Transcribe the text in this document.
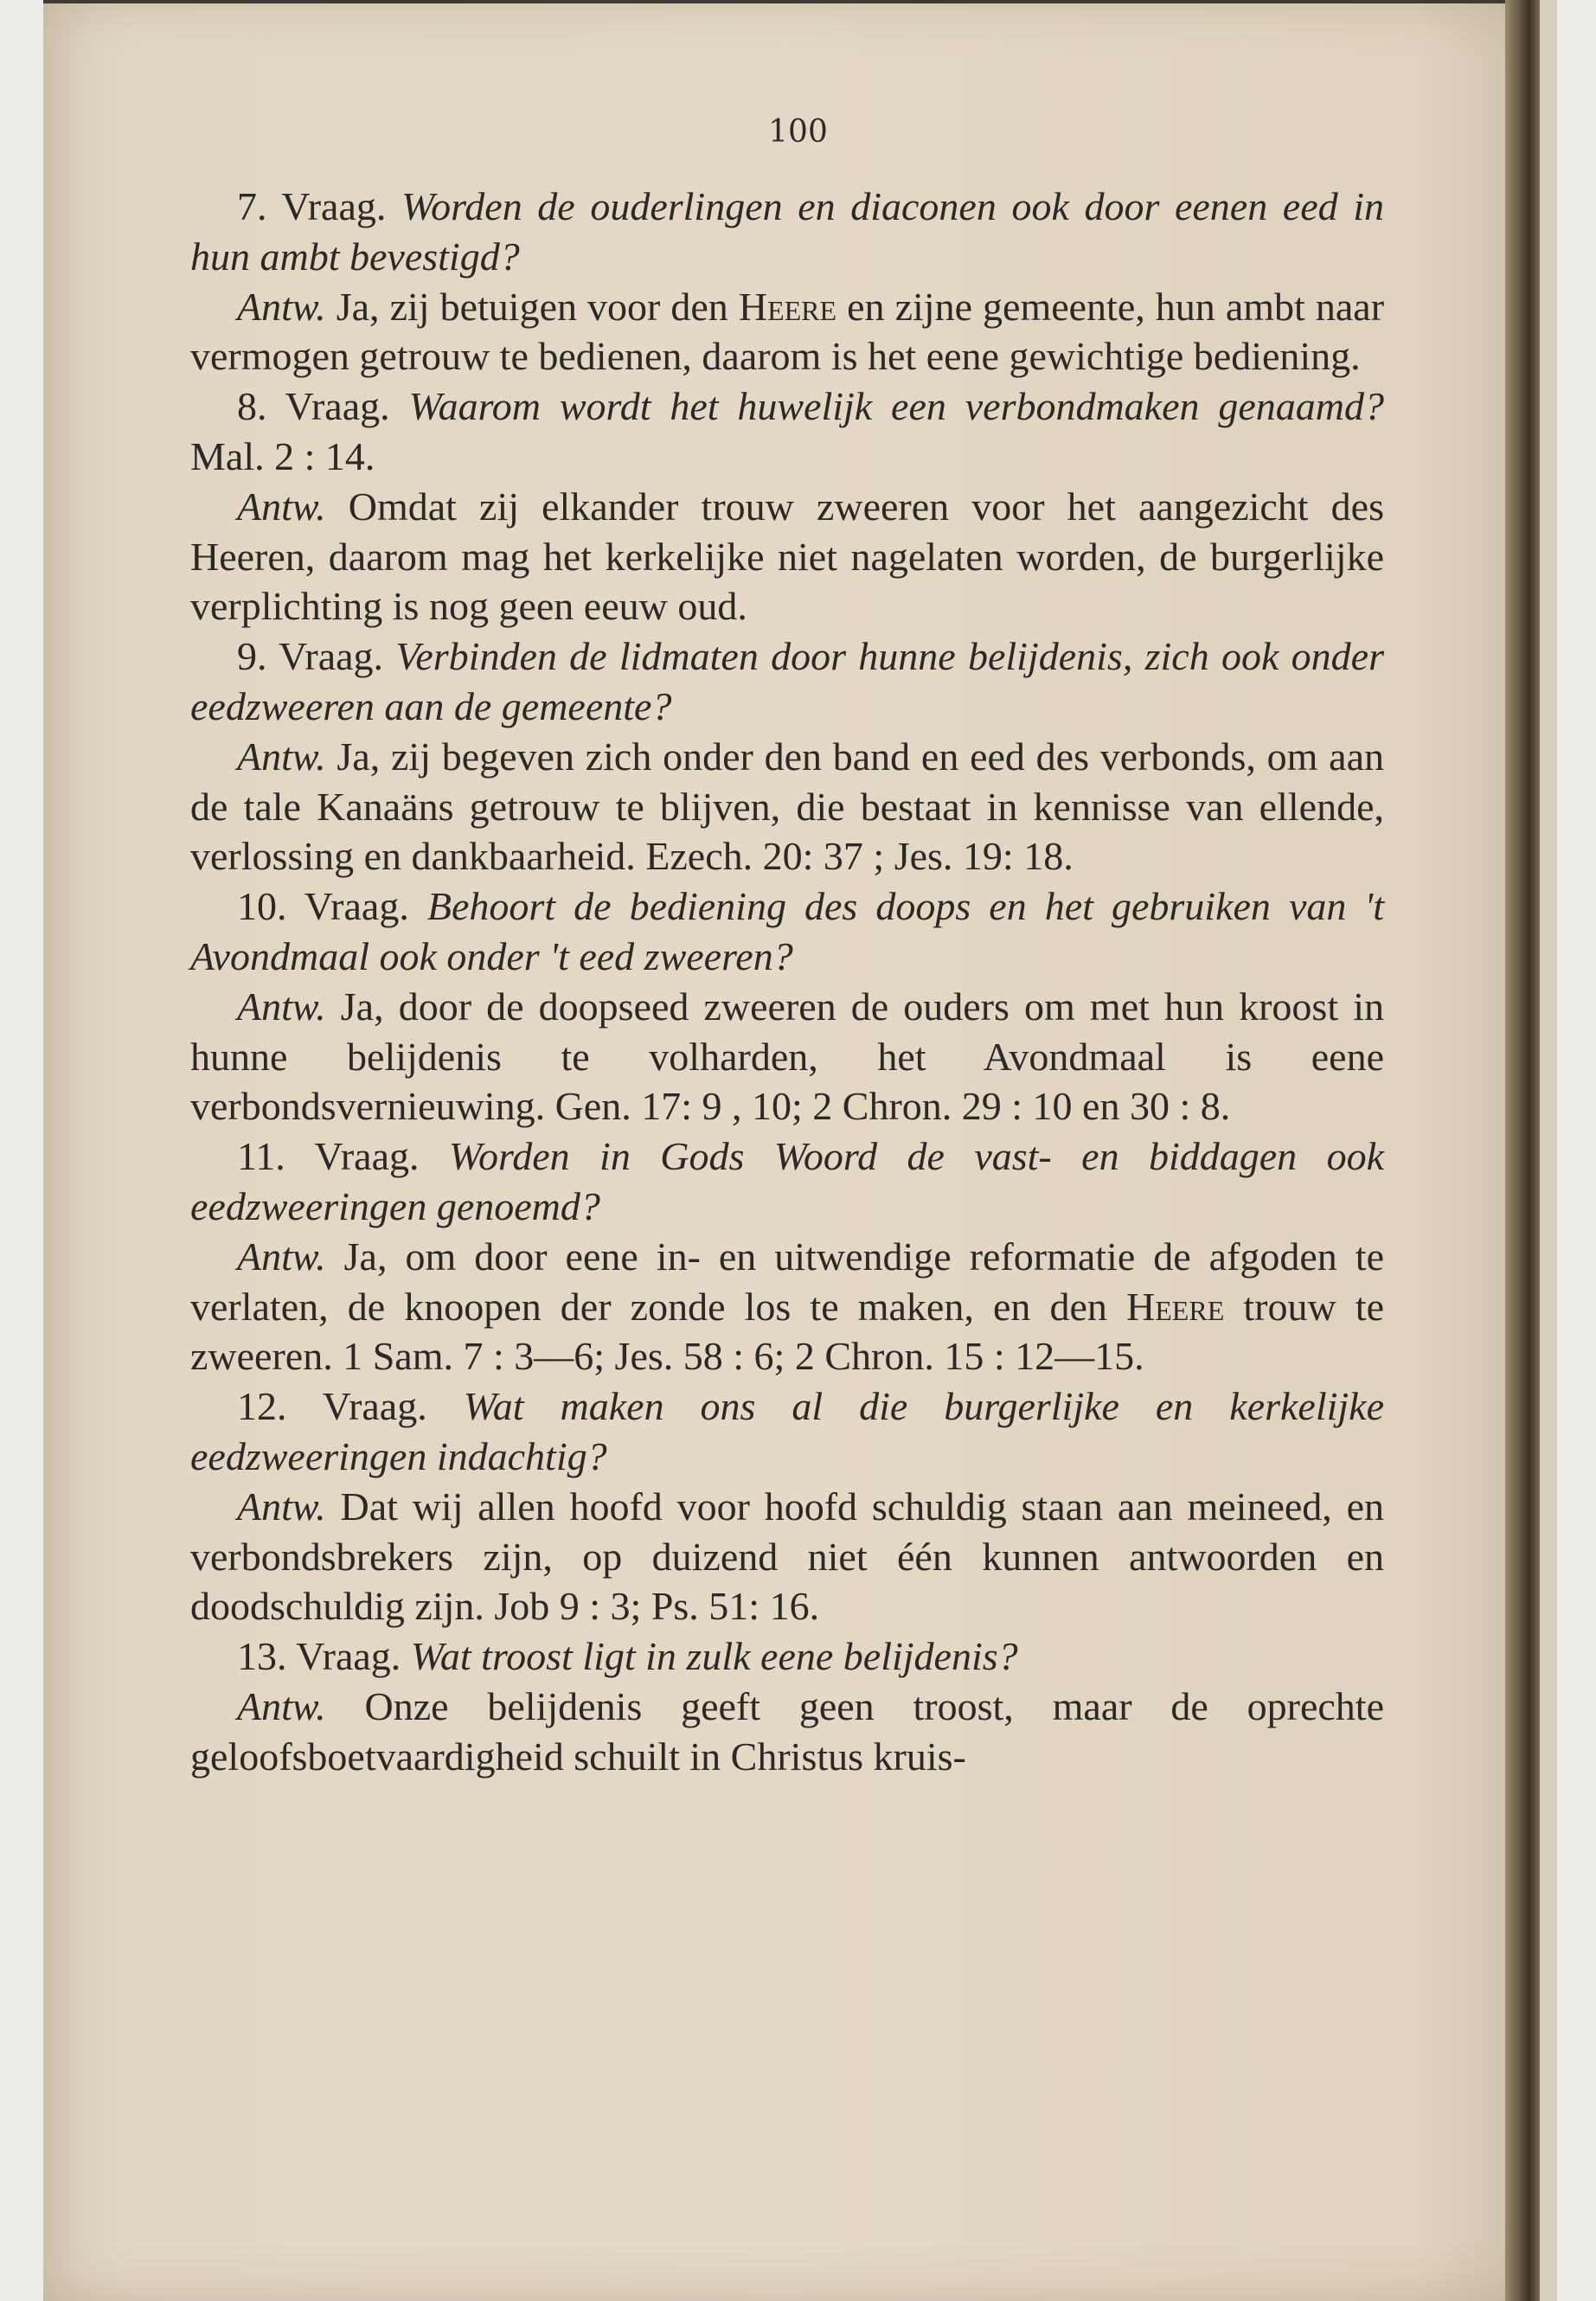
100

7. Vraag. Worden de ouderlingen en diaconen ook door eenen eed in hun ambt bevestigd?

Antw. Ja, zij betuigen voor den Heere en zijne gemeente, hun ambt naar vermogen getrouw te bedienen, daarom is het eene gewichtige bediening.

8. Vraag. Waarom wordt het huwelijk een verbondmaken genaamd? Mal. 2 : 14.

Antw. Omdat zij elkander trouw zweeren voor het aangezicht des Heeren, daarom mag het kerkelijke niet nagelaten worden, de burgerlijke verplichting is nog geen eeuw oud.

9. Vraag. Verbinden de lidmaten door hunne belijdenis, zich ook onder eedzweeren aan de gemeente?

Antw. Ja, zij begeven zich onder den band en eed des verbonds, om aan de tale Kanaäns getrouw te blijven, die bestaat in kennisse van ellende, verlossing en dankbaarheid. Ezech. 20: 37 ; Jes. 19: 18.

10. Vraag. Behoort de bediening des doops en het gebruiken van 't Avondmaal ook onder 't eed zweeren?

Antw. Ja, door de doopseed zweeren de ouders om met hun kroost in hunne belijdenis te volharden, het Avondmaal is eene verbondsvernieuwing. Gen. 17: 9 , 10; 2 Chron. 29 : 10 en 30 : 8.

11. Vraag. Worden in Gods Woord de vast- en biddagen ook eedzweeringen genoemd?

Antw. Ja, om door eene in- en uitwendige reformatie de afgoden te verlaten, de knoopen der zonde los te maken, en den Heere trouw te zweeren. 1 Sam. 7 : 3—6; Jes. 58 : 6; 2 Chron. 15 : 12—15.

12. Vraag. Wat maken ons al die burgerlijke en kerkelijke eedzweeringen indachtig?

Antw. Dat wij allen hoofd voor hoofd schuldig staan aan meineed, en verbondsbrekers zijn, op duizend niet één kunnen antwoorden en doodschuldig zijn. Job 9 : 3; Ps. 51: 16.

13. Vraag. Wat troost ligt in zulk eene belijdenis?

Antw. Onze belijdenis geeft geen troost, maar de oprechte geloofsboetvaardigheid schuilt in Christus kruis-
